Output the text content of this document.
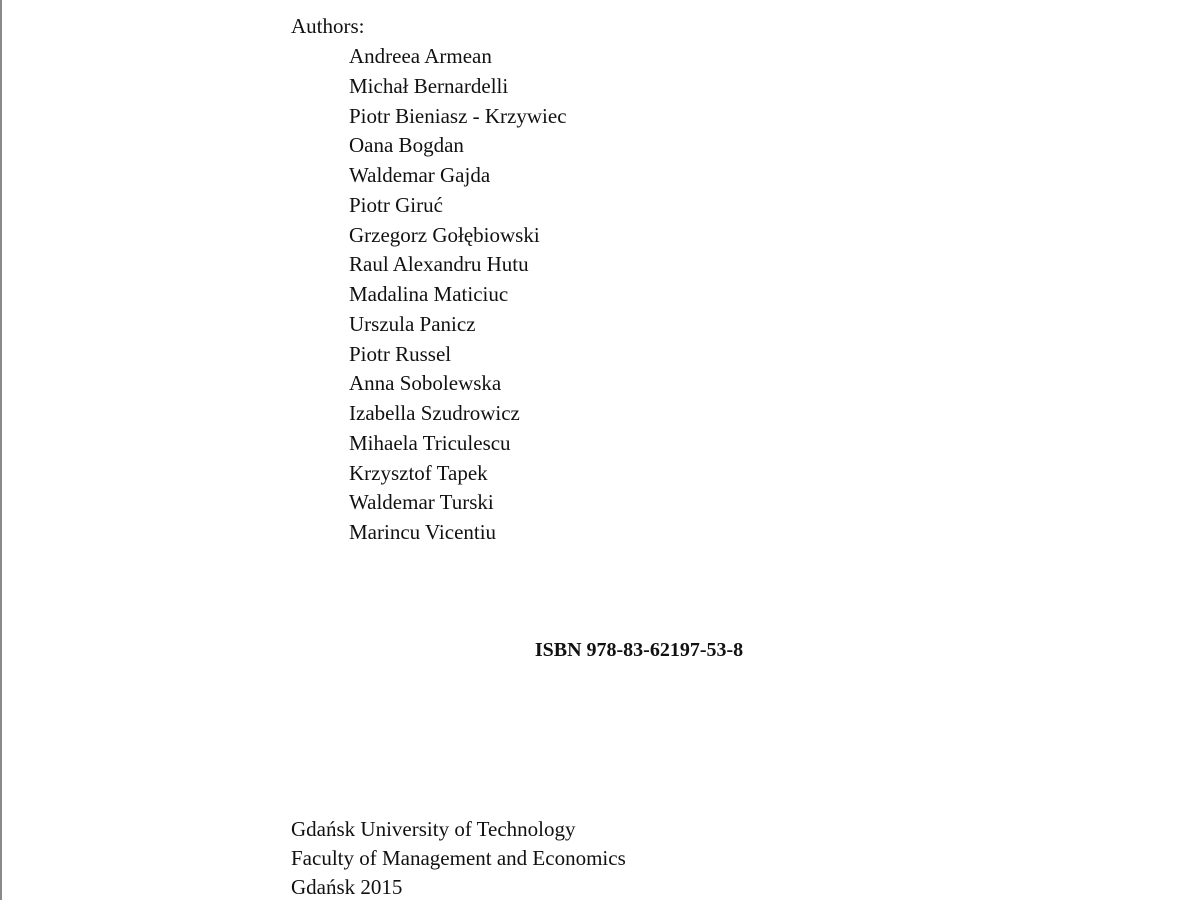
Authors:
Andreea Armean
Michał Bernardelli
Piotr Bieniasz - Krzywiec
Oana Bogdan
Waldemar Gajda
Piotr Giruć
Grzegorz Gołębiowski
Raul Alexandru Hutu
Madalina Maticiuc
Urszula Panicz
Piotr Russel
Anna Sobolewska
Izabella Szudrowicz
Mihaela Triculescu
Krzysztof Tapek
Waldemar Turski
Marincu Vicentiu
ISBN 978-83-62197-53-8
Gdańsk University of Technology
Faculty of Management and Economics
Gdańsk 2015
